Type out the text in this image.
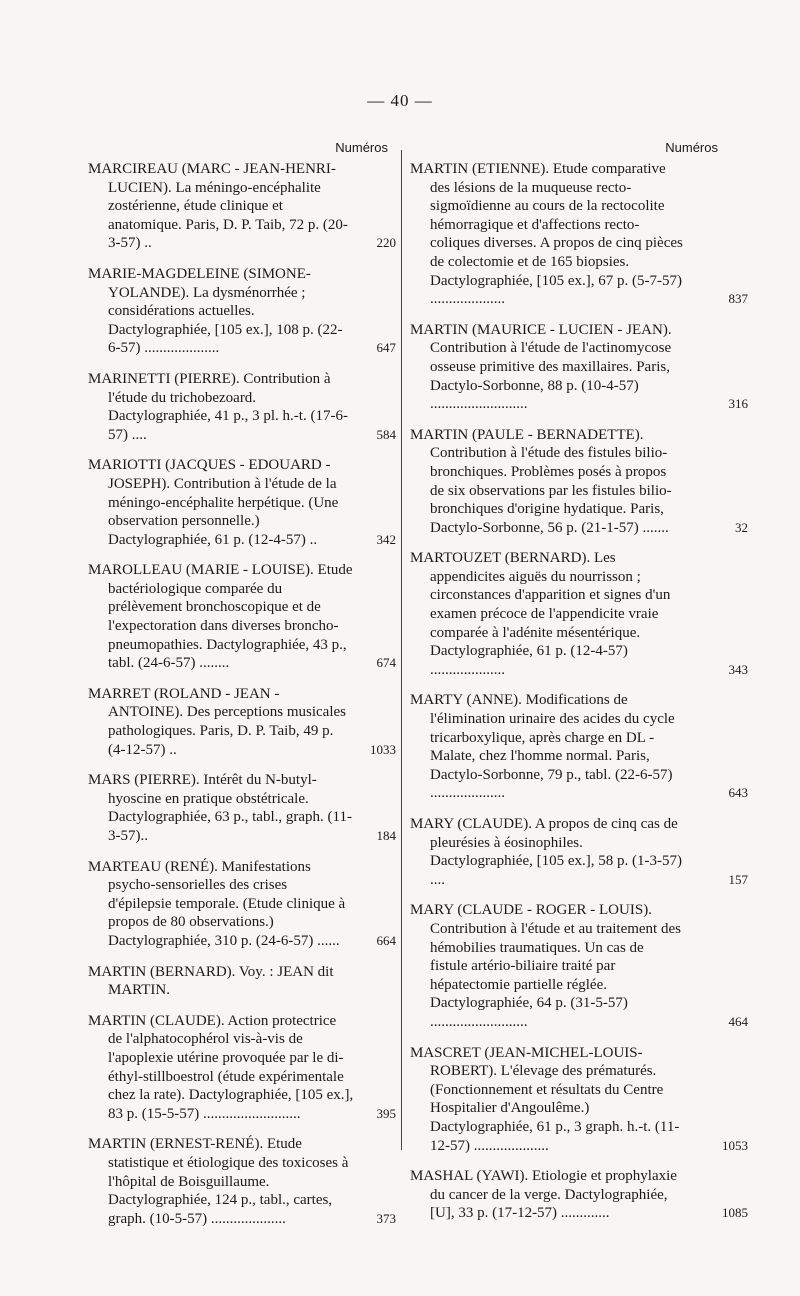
— 40 —
Numéros
MARCIREAU (MARC - JEAN-HENRI-LUCIEN). La méningo-encéphalite zostérienne, étude clinique et anatomique. Paris, D. P. Taib, 72 p. (20-3-57) ..	220
MARIE-MAGDELEINE (SIMONE-YOLANDE). La dysménorrhée ; considérations actuelles. Dactylographiée, [105 ex.], 108 p. (22-6-57) ....................	647
MARINETTI (PIERRE). Contribution à l'étude du trichobezoard. Dactylographiée, 41 p., 3 pl. h.-t. (17-6-57) ....	584
MARIOTTI (JACQUES - EDOUARD - JOSEPH). Contribution à l'étude de la méningo-encéphalite herpétique. (Une observation personnelle.) Dactylographiée, 61 p. (12-4-57) ..	342
MAROLLEAU (MARIE - LOUISE). Etude bactériologique comparée du prélèvement bronchoscopique et de l'expectoration dans diverses broncho-pneumopathies. Dactylographiée, 43 p., tabl. (24-6-57) ........	674
MARRET (ROLAND - JEAN - ANTOINE). Des perceptions musicales pathologiques. Paris, D. P. Taib, 49 p. (4-12-57) ..	1033
MARS (PIERRE). Intérêt du N-butyl-hyoscine en pratique obstétricale. Dactylographiée, 63 p., tabl., graph. (11-3-57)..	184
MARTEAU (RENÉ). Manifestations psycho-sensorielles des crises d'épilepsie temporale. (Etude clinique à propos de 80 observations.) Dactylographiée, 310 p. (24-6-57) ......	664
MARTIN (BERNARD). Voy. : JEAN dit MARTIN.
MARTIN (CLAUDE). Action protectrice de l'alphatocophérol vis-à-vis de l'apoplexie utérine provoquée par le di-éthyl-stillboestrol (étude expérimentale chez la rate). Dactylographiée, [105 ex.], 83 p. (15-5-57) ..........................	395
MARTIN (ERNEST-RENÉ). Etude statistique et étiologique des toxicoses à l'hôpital de Boisguillaume. Dactylographiée, 124 p., tabl., cartes, graph. (10-5-57) ....................	373
Numéros
MARTIN (ETIENNE). Etude comparative des lésions de la muqueuse recto-sigmoïdienne au cours de la rectocolite hémorragique et d'affections recto-coliques diverses. A propos de cinq pièces de colectomie et de 165 biopsies. Dactylographiée, [105 ex.], 67 p. (5-7-57) ....................	837
MARTIN (MAURICE - LUCIEN - JEAN). Contribution à l'étude de l'actinomycose osseuse primitive des maxillaires. Paris, Dactylo-Sorbonne, 88 p. (10-4-57) ..........................	316
MARTIN (PAULE - BERNADETTE). Contribution à l'étude des fistules bilio-bronchiques. Problèmes posés à propos de six observations par les fistules bilio-bronchiques d'origine hydatique. Paris, Dactylo-Sorbonne, 56 p. (21-1-57) .......	32
MARTOUZET (BERNARD). Les appendicites aiguës du nourrisson ; circonstances d'apparition et signes d'un examen précoce de l'appendicite vraie comparée à l'adénite mésentérique. Dactylographiée, 61 p. (12-4-57) ....................	343
MARTY (ANNE). Modifications de l'élimination urinaire des acides du cycle tricarboxylique, après charge en DL - Malate, chez l'homme normal. Paris, Dactylo-Sorbonne, 79 p., tabl. (22-6-57) ....................	643
MARY (CLAUDE). A propos de cinq cas de pleurésies à éosinophiles. Dactylographiée, [105 ex.], 58 p. (1-3-57) ....	157
MARY (CLAUDE - ROGER - LOUIS). Contribution à l'étude et au traitement des hémobilies traumatiques. Un cas de fistule artério-biliaire traité par hépatectomie partielle réglée. Dactylographiée, 64 p. (31-5-57) ..........................	464
MASCRET (JEAN-MICHEL-LOUIS-ROBERT). L'élevage des prématurés. (Fonctionnement et résultats du Centre Hospitalier d'Angoulême.) Dactylographiée, 61 p., 3 graph. h.-t. (11-12-57) ....................	1053
MASHAL (YAWI). Etiologie et prophylaxie du cancer de la verge. Dactylographiée, [U], 33 p. (17-12-57) .............	1085
